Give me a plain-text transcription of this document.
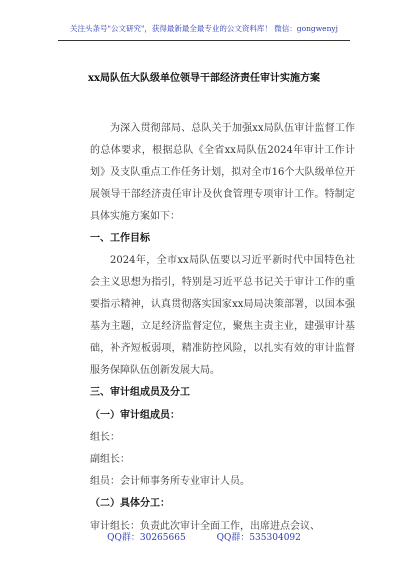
关注头条号"公文研究"，获得最新最全最专业的公文资料库！ 微信：gongwenyj
xx局队伍大队级单位领导干部经济责任审计实施方案
为深入贯彻部局、总队关于加强xx局队伍审计监督工作的总体要求，根据总队《全省xx局队伍2024年审计工作计划》及支队重点工作任务计划，拟对全市16个大队级单位开展领导干部经济责任审计及伙食管理专项审计工作。特制定具体实施方案如下：
一、工作目标
2024年，全市xx局队伍要以习近平新时代中国特色社会主义思想为指引，特别是习近平总书记关于审计工作的重要指示精神，认真贯彻落实国家xx局局决策部署，以国本强基为主题，立足经济监督定位，聚焦主责主业，建强审计基础，补齐短板弱项，精准防控风险，以扎实有效的审计监督服务保障队伍创新发展大局。
三、审计组成员及分工
（一）审计组成员：
组长：
副组长：
组员：会计师事务所专业审计人员。
（二）具体分工：
审计组长：负责此次审计全面工作，出席进点会议、
QQ群：30265665	QQ群：535304092
